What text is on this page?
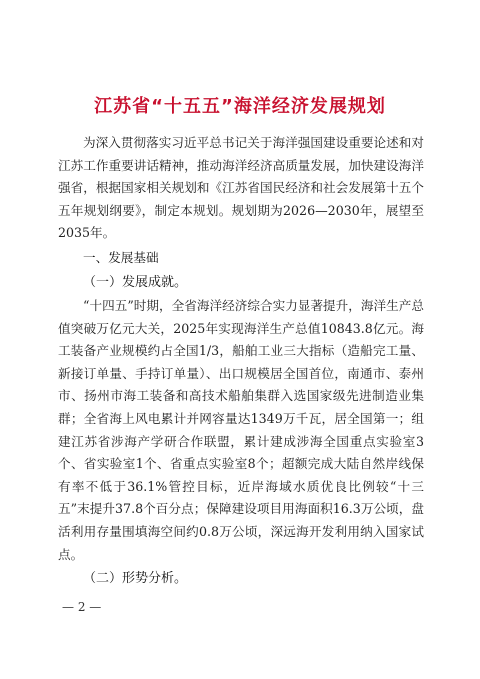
江苏省“十五五”海洋经济发展规划

为深入贯彻落实习近平总书记关于海洋强国建设重要论述和对江苏工作重要讲话精神，推动海洋经济高质量发展，加快建设海洋强省，根据国家相关规划和《江苏省国民经济和社会发展第十五个五年规划纲要》，制定本规划。规划期为2026—2030年，展望至2035年。

一、发展基础
（一）发展成就。

“十四五”时期，全省海洋经济综合实力显著提升，海洋生产总值突破万亿元大关，2025年实现海洋生产总值10843.8亿元。海工装备产业规模约占全国1/3，船舶工业三大指标（造船完工量、新接订单量、手持订单量）、出口规模居全国首位，南通市、泰州市、扬州市海工装备和高技术船舶集群入选国家级先进制造业集群；全省海上风电累计并网容量达1349万千瓦，居全国第一；组建江苏省涉海产学研合作联盟，累计建成涉海全国重点实验室3个、省实验室1个、省重点实验室8个；超额完成大陆自然岸线保有率不低于36.1%管控目标，近岸海域水质优良比例较“十三五”末提升37.8个百分点；保障建设项目用海面积16.3万公顷，盘活利用存量围填海空间约0.8万公顷，深远海开发利用纳入国家试点。

（二）形势分析。
— 2 —
